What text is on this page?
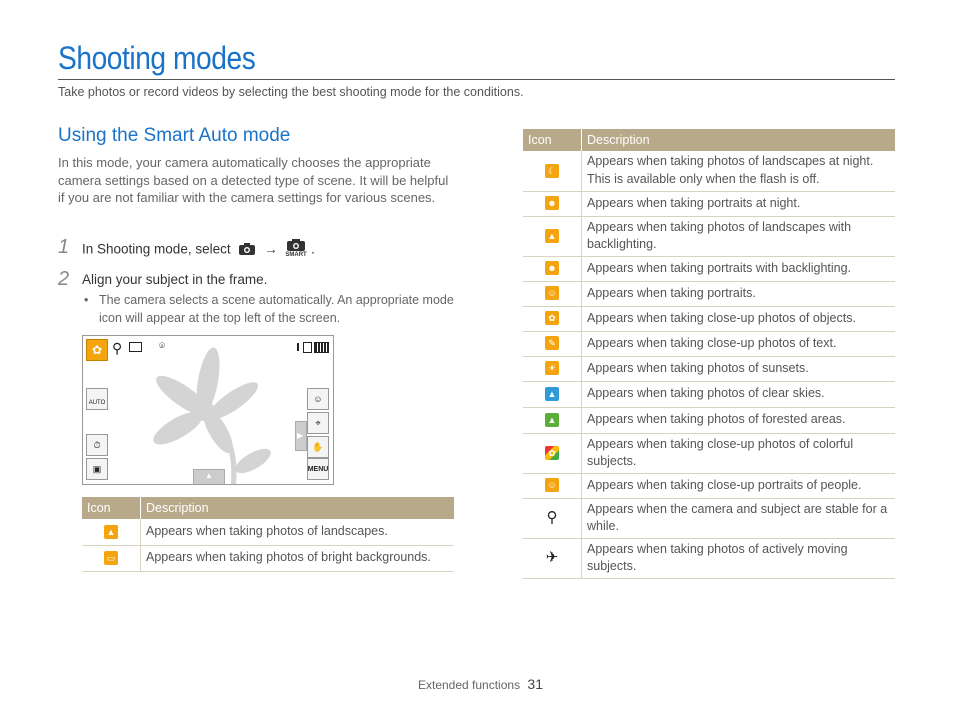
Shooting modes
Take photos or record videos by selecting the best shooting mode for the conditions.
Using the Smart Auto mode
In this mode, your camera automatically chooses the appropriate camera settings based on a detected type of scene. It will be helpful if you are not familiar with the camera settings for various scenes.
1 In Shooting mode, select → SMART .
2 Align your subject in the frame.
• The camera selects a scene automatically. An appropriate mode icon will appear at the top left of the screen.
✿ ⚲	⌾
AUTO
⏱
▣
▶
☺
⌖
✋
MENU
▲
Icon	Description
▲	Appears when taking photos of landscapes.
▭	Appears when taking photos of bright backgrounds.
Icon	Description
☾	Appears when taking photos of landscapes at night. This is available only when the flash is off.
☻	Appears when taking portraits at night.
▲	Appears when taking photos of landscapes with backlighting.
☻	Appears when taking portraits with backlighting.
☺	Appears when taking portraits.
✿	Appears when taking close-up photos of objects.
✎	Appears when taking close-up photos of text.
☀	Appears when taking photos of sunsets.
▲	Appears when taking photos of clear skies.
▲	Appears when taking photos of forested areas.
✿	Appears when taking close-up photos of colorful subjects.
☺	Appears when taking close-up portraits of people.
⚲	Appears when the camera and subject are stable for a while.
✈	Appears when taking photos of actively moving subjects.
Extended functions 31
